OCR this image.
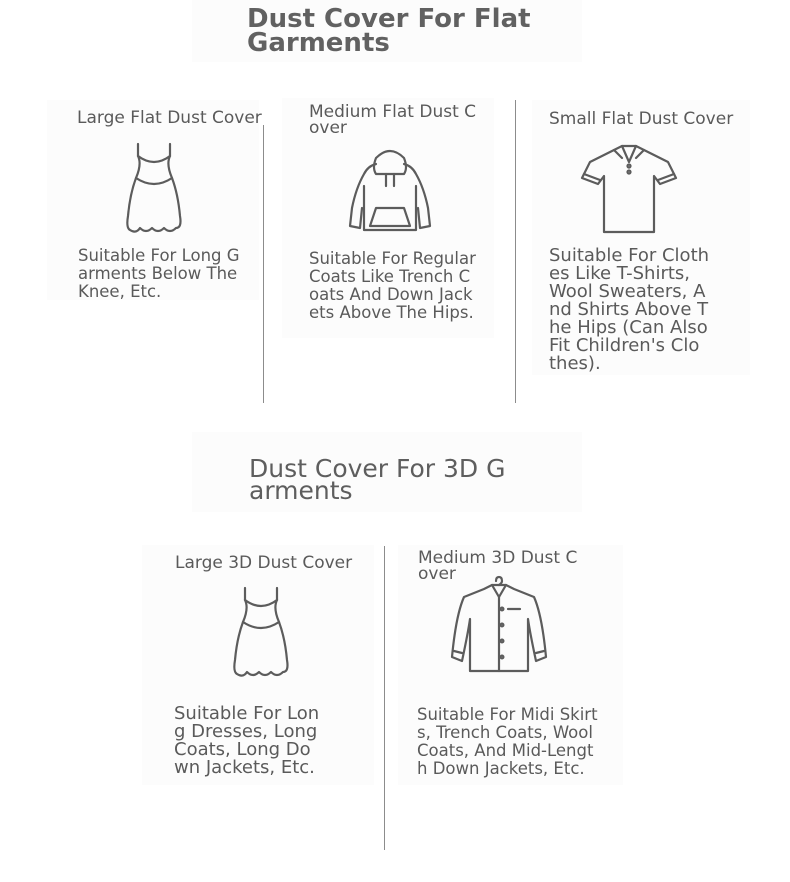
Dust Cover For Flat
Garments
Large Flat Dust Cover
Suitable For Long G
arments Below The
Knee, Etc.
Medium Flat Dust C
over
Suitable For Regular
Coats Like Trench C
oats And Down Jack
ets Above The Hips.
Small Flat Dust Cover
Suitable For Cloth
es Like T-Shirts,
Wool Sweaters, A
nd Shirts Above T
he Hips (Can Also
Fit Children's Clo
thes).
Dust Cover For 3D G
arments
Large 3D Dust Cover
Suitable For Lon
g Dresses, Long
Coats, Long Do
wn Jackets, Etc.
Medium 3D Dust C
over
Suitable For Midi Skirt
s, Trench Coats, Wool
Coats, And Mid-Lengt
h Down Jackets, Etc.
